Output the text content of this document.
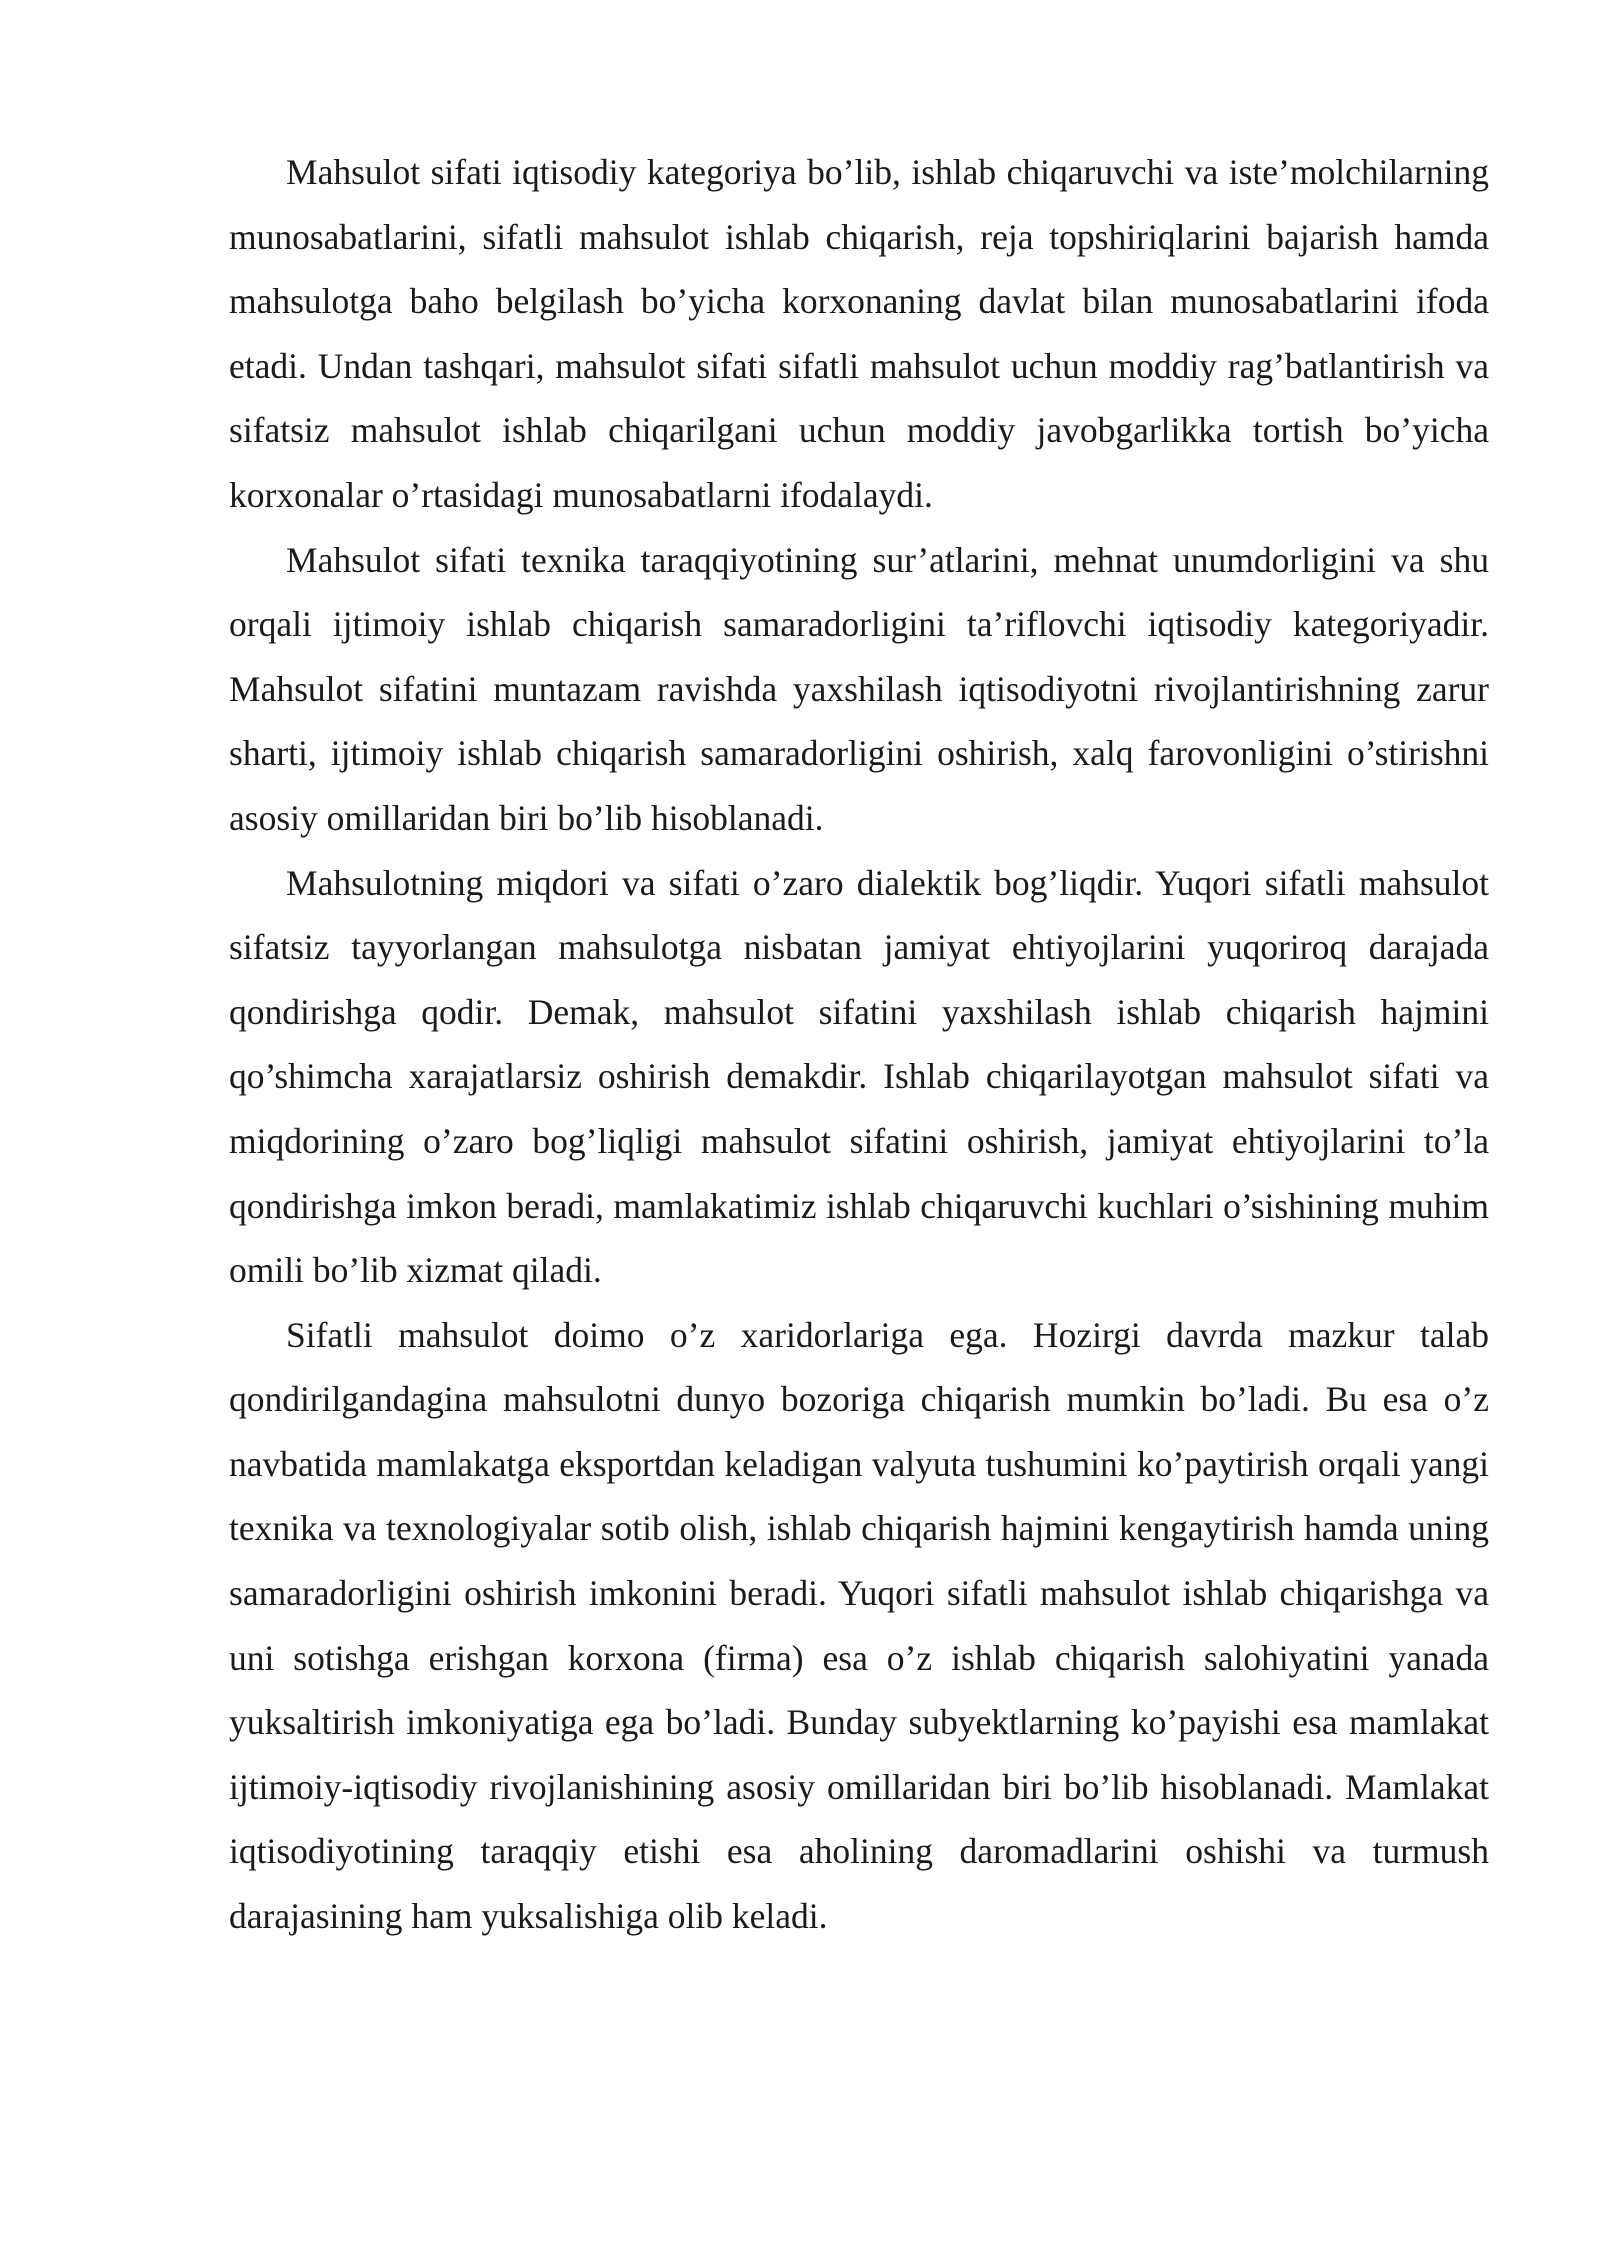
Mahsulot sifati iqtisodiy kategoriya bo’lib, ishlab chiqaruvchi va iste’molchilarning munosabatlarini, sifatli mahsulot ishlab chiqarish, reja topshiriqlarini bajarish hamda mahsulotga baho belgilash bo’yicha korxonaning davlat bilan munosabatlarini ifoda etadi. Undan tashqari, mahsulot sifati sifatli mahsulot uchun moddiy rag’batlantirish va sifatsiz mahsulot ishlab chiqarilgani uchun moddiy javobgarlikka tortish bo’yicha korxonalar o’rtasidagi munosabatlarni ifodalaydi.

Mahsulot sifati texnika taraqqiyotining sur’atlarini, mehnat unumdorligini va shu orqali ijtimoiy ishlab chiqarish samaradorligini ta’riflovchi iqtisodiy kategoriyadir. Mahsulot sifatini muntazam ravishda yaxshilash iqtisodiyotni rivojlantirishning zarur sharti, ijtimoiy ishlab chiqarish samaradorligini oshirish, xalq farovonligini o’stirishni asosiy omillaridan biri bo’lib hisoblanadi.

Mahsulotning miqdori va sifati o’zaro dialektik bog’liqdir. Yuqori sifatli mahsulot sifatsiz tayyorlangan mahsulotga nisbatan jamiyat ehtiyojlarini yuqoriroq darajada qondirishga qodir. Demak, mahsulot sifatini yaxshilash ishlab chiqarish hajmini qo’shimcha xarajatlarsiz oshirish demakdir. Ishlab chiqarilayotgan mahsulot sifati va miqdorining o’zaro bog’liqligi mahsulot sifatini oshirish, jamiyat ehtiyojlarini to’la qondirishga imkon beradi, mamlakatimiz ishlab chiqaruvchi kuchlari o’sishining muhim omili bo’lib xizmat qiladi.

Sifatli mahsulot doimo o’z xaridorlariga ega. Hozirgi davrda mazkur talab qondirilgandagina mahsulotni dunyo bozoriga chiqarish mumkin bo’ladi. Bu esa o’z navbatida mamlakatga eksportdan keladigan valyuta tushumini ko’paytirish orqali yangi texnika va texnologiyalar sotib olish, ishlab chiqarish hajmini kengaytirish hamda uning samaradorligini oshirish imkonini beradi. Yuqori sifatli mahsulot ishlab chiqarishga va uni sotishga erishgan korxona (firma) esa o’z ishlab chiqarish salohiyatini yanada yuksaltirish imkoniyatiga ega bo’ladi. Bunday subyektlarning ko’payishi esa mamlakat ijtimoiy-iqtisodiy rivojlanishining asosiy omillaridan biri bo’lib hisoblanadi. Mamlakat iqtisodiyotining taraqqiy etishi esa aholining daromadlarini oshishi va turmush darajasining ham yuksalishiga olib keladi.
